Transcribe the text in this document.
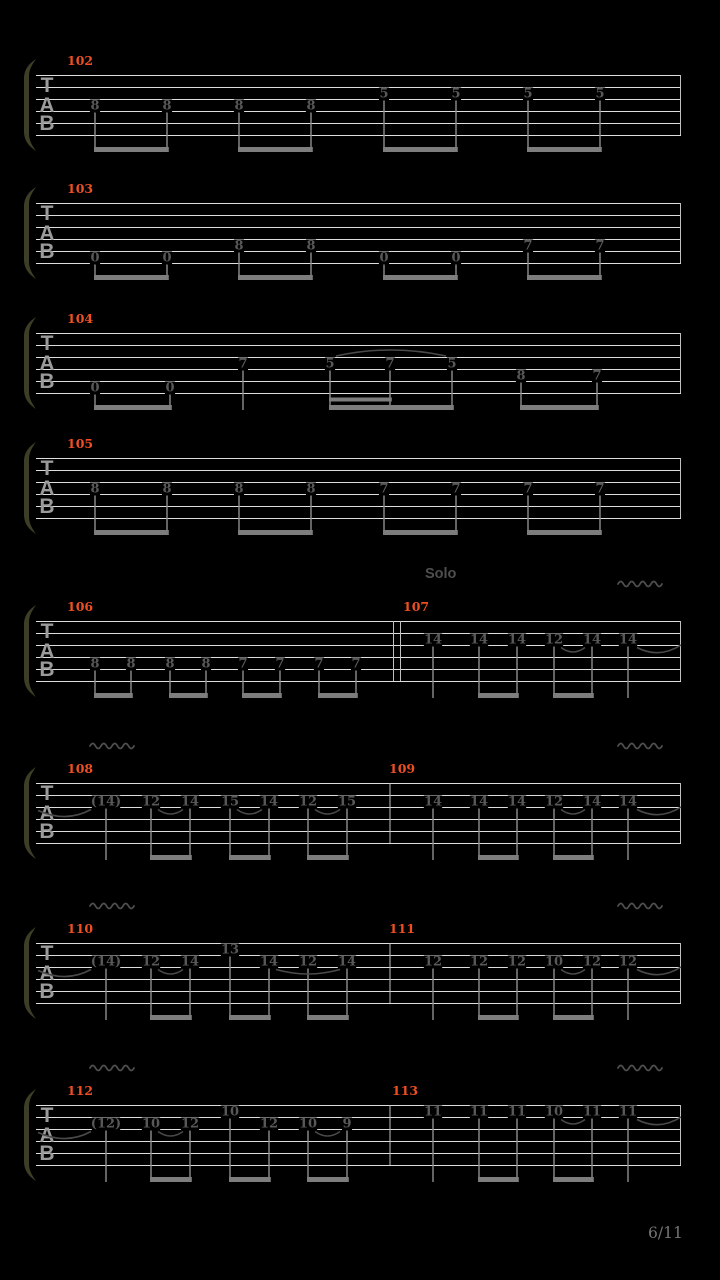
T
A
B
102
8	8	8	8
5	5	5	5
T
A
B
103
0	0
8	8
0	0
7	7
T
A
B
104
0	0
7	5	7	5
8	7
T
A
B
105
8	8	8	8	7	7	7	7
T
A
B
106	107
8 8 8 8 7 7 7 7
14 14 14 12 14 14
T
A
B
108	109
(14) 12 14 15 14 12 15	14 14 14 12 14 14
T
A
B
110	111
(14) 12 14
13
14 12 14	12 12 12 10 12 12
T
A
B
112	113
(12) 10 12
10
12 10 9
11 11 11 10 11 11
Solo
6/11
